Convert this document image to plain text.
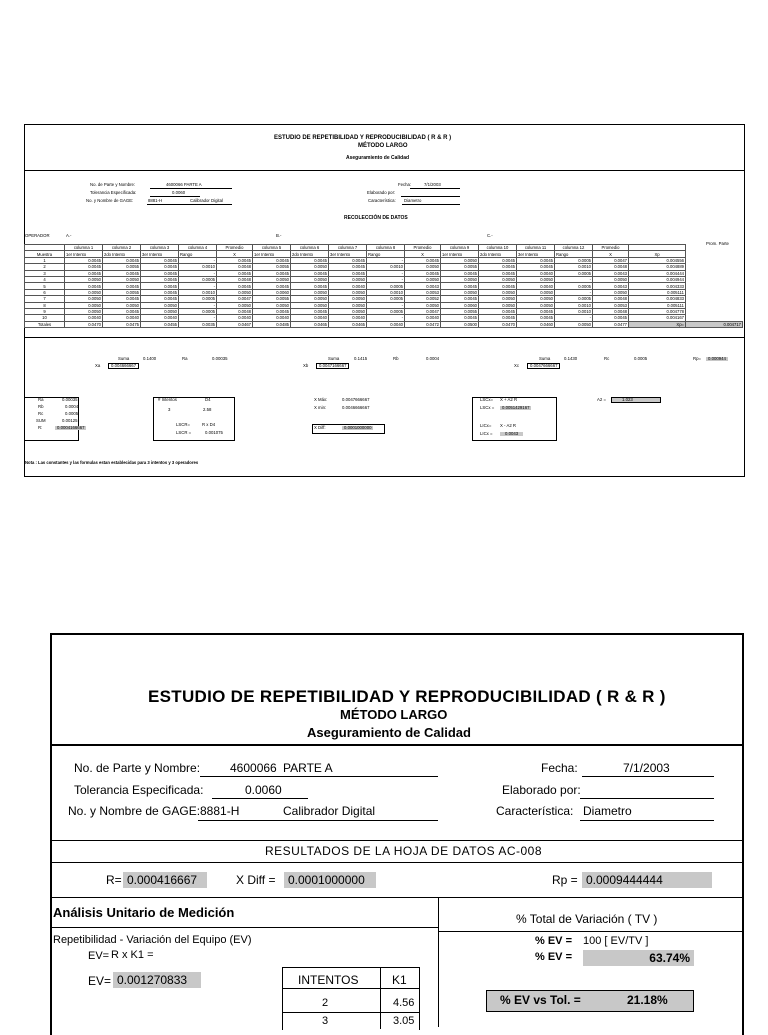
ESTUDIO DE REPETIBILIDAD Y REPRODUCIBILIDAD ( R & R )
MÉTODO LARGO
Aseguramiento de Calidad
No. de Parte y Nombre:	4600066 PARTE A
Tolerancia Especificada:	0.0060
No. y Nombre de GAGE:	8881-H	Calibrador Digital
Fecha:	7/1/2003
Elaborado por:
Característica: Diametro
RECOLECCIÓN DE DATOS
OPERADOR	A.-	B.-	C.-
Prom. Parte
	columna 1	columna 2	columna 3	columna 4	Promedio	columna 5	columna 6	columna 7	columna 8	Promedio	columna 9	columna 10	columna 11	columna 12	Promedio		
Muestra	1er Intento	2do Intento	3er Intento	Rango	X	1er Intento	2do Intento	3er Intento	Rango	X	1er Intento	2do Intento	3er Intento	Rango	X	Xp	
1	0.0045	0.0045	0.0045	-	0.0045	0.0045	0.0045	0.0045	-	0.0045	0.0050	0.0045	0.0045	0.0005	0.0047	0.004556	
2	0.0045	0.0055	0.0045	0.0010	0.0048	0.0055	0.0050	0.0045	0.0010	0.0050	0.0055	0.0045	0.0045	0.0010	0.0048	0.004889	
3	0.0045	0.0045	0.0045	-	0.0045	0.0045	0.0045	0.0045	-	0.0045	0.0045	0.0045	0.0040	0.0005	0.0043	0.004444	
4	0.0050	0.0050	0.0045	0.0005	0.0048	0.0050	0.0050	0.0050	-	0.0050	0.0050	0.0050	0.0050	-	0.0050	0.004944	
5	0.0045	0.0045	0.0045	-	0.0045	0.0045	0.0045	0.0040	0.0005	0.0043	0.0045	0.0045	0.0040	0.0005	0.0043	0.004333	
6	0.0050	0.0055	0.0045	0.0010	0.0050	0.0060	0.0050	0.0050	0.0010	0.0053	0.0050	0.0050	0.0050	-	0.0050	0.005111	
7	0.0050	0.0045	0.0045	0.0005	0.0047	0.0055	0.0050	0.0050	0.0005	0.0052	0.0045	0.0050	0.0050	0.0005	0.0048	0.004833	
8	0.0050	0.0050	0.0050	-	0.0050	0.0050	0.0050	0.0050	-	0.0050	0.0060	0.0050	0.0050	0.0010	0.0053	0.005111	
9	0.0050	0.0045	0.0050	0.0005	0.0048	0.0045	0.0045	0.0050	0.0005	0.0047	0.0055	0.0045	0.0045	0.0010	0.0048	0.004778	
10	0.0040	0.0040	0.0040	-	0.0040	0.0040	0.0040	0.0040	-	0.0040	0.0045	0.0045	0.0045	-	0.0045	0.004167	
Totales	0.0470	0.0475	0.0455	0.0035	0.0467	0.0485	0.0465	0.0465	0.0040	0.0472	0.0500	0.0470	0.0460	0.0050	0.0477	Xp=	0.004717
Suma	0.1400	Ra	0.00035
Xa	0.004666667
Suma	0.1415	Rb	0.0004
Xb	0.0047166667
Suma	0.1430	Rc	0.0005
Xc	0.0047666667
Rp=	0.000944
Ra	0.00035
Rb	0.0004
Rc	0.0005
SUM	0.00125
R:	0.0004166667
# Intentos	D4
3	2.58
LSCR=	R x D4
LSCR =	0.001075
X Máx:	0.0047666667
X min:	0.0046666667
X Diff:	0.0001000000
LSCx= X + A2 R
LSCx =	0.0051429167
LICx= X - A2 R
LICx =	0.0043
A2 =	1.023
Nota : Las constantes y las formulas estan establecidas para 3 intentos y 3 operadores
ESTUDIO DE REPETIBILIDAD Y REPRODUCIBILIDAD ( R & R )
MÉTODO LARGO
Aseguramiento de Calidad
No. de Parte y Nombre: 4600066 PARTE A
Tolerancia Especificada:	0.0060
No. y Nombre de GAGE: 8881-H	Calibrador Digital
Fecha:	7/1/2003
Elaborado por:
Característica: Diametro
RESULTADOS DE LA HOJA DE DATOS AC-008
R= 0.000416667	X Diff =	0.0001000000	Rp = 0.0009444444
Análisis Unitario de Medición	% Total de Variación ( TV )
Repetibilidad - Variación del Equipo (EV)
EV= R x K1 =
EV= 0.001270833	INTENTOS	K1
2	4.56
3	3.05
% EV = 100 [ EV/TV ]
% EV =	63.74%
% EV vs Tol. =	21.18%
